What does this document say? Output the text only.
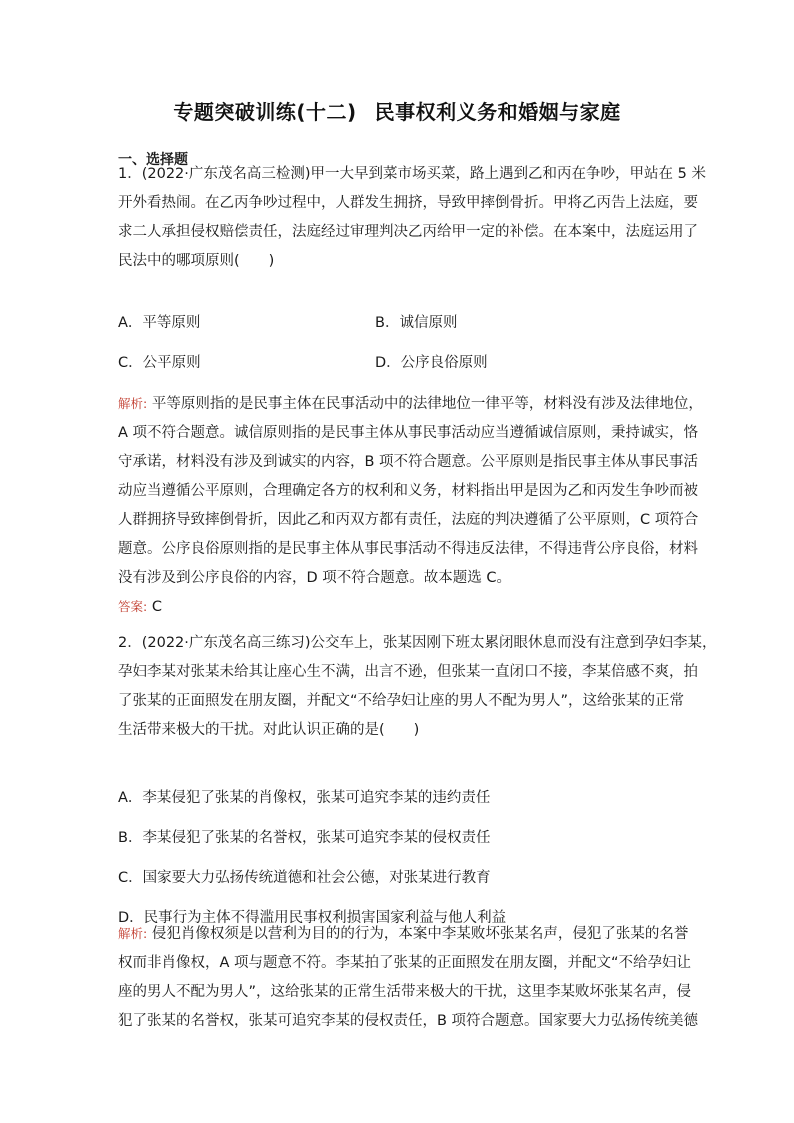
专题突破训练(十二) 民事权利义务和婚姻与家庭
一、选择题
1．(2022·广东茂名高三检测)甲一大早到菜市场买菜，路上遇到乙和丙在争吵，甲站在 5 米
开外看热闹。在乙丙争吵过程中，人群发生拥挤，导致甲摔倒骨折。甲将乙丙告上法庭，要
求二人承担侵权赔偿责任，法庭经过审理判决乙丙给甲一定的补偿。在本案中，法庭运用了
民法中的哪项原则(　　)
A．平等原则	B．诚信原则
C．公平原则	D．公序良俗原则
解析: 平等原则指的是民事主体在民事活动中的法律地位一律平等，材料没有涉及法律地位，
A 项不符合题意。诚信原则指的是民事主体从事民事活动应当遵循诚信原则，秉持诚实，恪
守承诺，材料没有涉及到诚实的内容，B 项不符合题意。公平原则是指民事主体从事民事活
动应当遵循公平原则，合理确定各方的权利和义务，材料指出甲是因为乙和丙发生争吵而被
人群拥挤导致摔倒骨折，因此乙和丙双方都有责任，法庭的判决遵循了公平原则，C 项符合
题意。公序良俗原则指的是民事主体从事民事活动不得违反法律，不得违背公序良俗，材料
没有涉及到公序良俗的内容，D 项不符合题意。故本题选 C。
答案: C
2．(2022·广东茂名高三练习)公交车上，张某因刚下班太累闭眼休息而没有注意到孕妇李某，
孕妇李某对张某未给其让座心生不满，出言不逊，但张某一直闭口不接，李某倍感不爽，拍
了张某的正面照发在朋友圈，并配文“不给孕妇让座的男人不配为男人”，这给张某的正常
生活带来极大的干扰。对此认识正确的是(　　)
A．李某侵犯了张某的肖像权，张某可追究李某的违约责任
B．李某侵犯了张某的名誉权，张某可追究李某的侵权责任
C．国家要大力弘扬传统道德和社会公德，对张某进行教育
D．民事行为主体不得滥用民事权利损害国家利益与他人利益
解析: 侵犯肖像权须是以营利为目的的行为，本案中李某败坏张某名声，侵犯了张某的名誉
权而非肖像权，A 项与题意不符。李某拍了张某的正面照发在朋友圈，并配文“不给孕妇让
座的男人不配为男人”，这给张某的正常生活带来极大的干扰，这里李某败坏张某名声，侵
犯了张某的名誉权，张某可追究李某的侵权责任，B 项符合题意。国家要大力弘扬传统美德
